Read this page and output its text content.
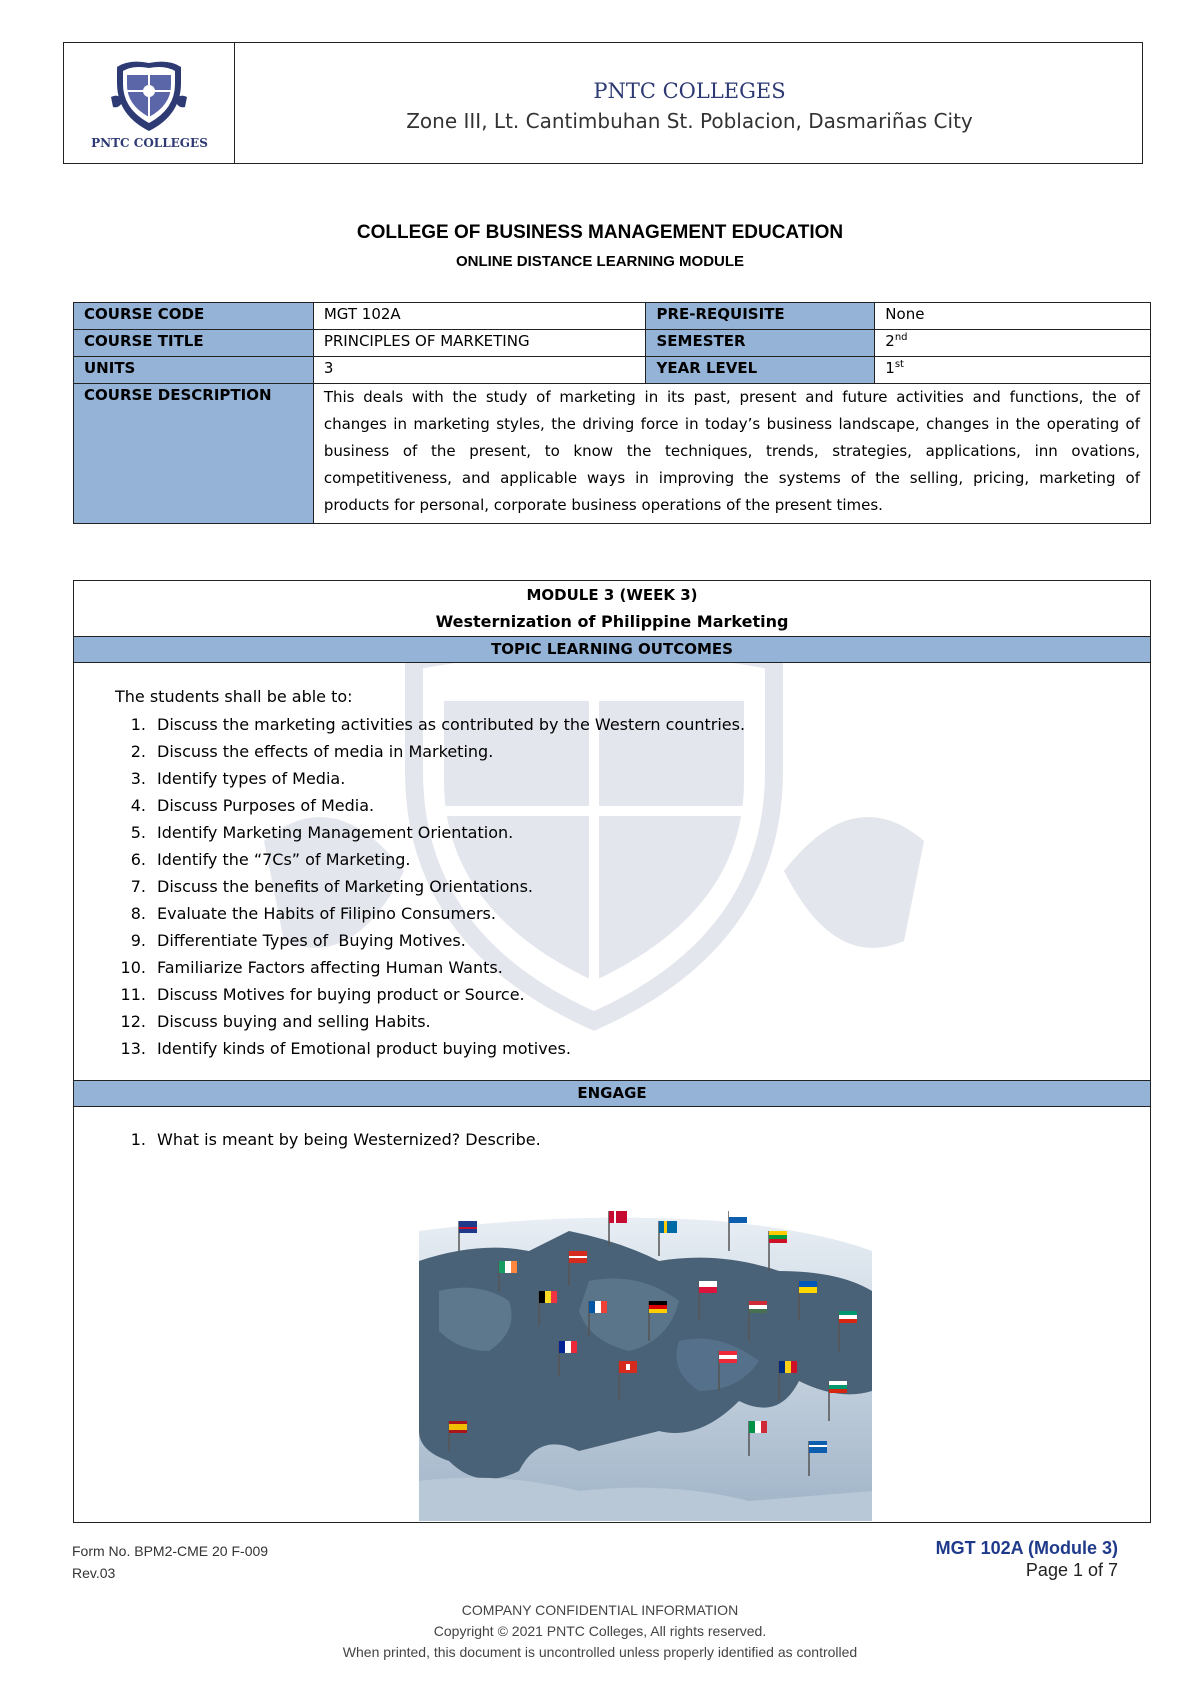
PNTC COLLEGES
PNTC COLLEGES
Zone III, Lt. Cantimbuhan St. Poblacion, Dasmariñas City
COLLEGE OF BUSINESS MANAGEMENT EDUCATION
ONLINE DISTANCE LEARNING MODULE
COURSE CODE	MGT 102A	PRE-REQUISITE	None
COURSE TITLE	PRINCIPLES OF MARKETING	SEMESTER	2nd
UNITS	3	YEAR LEVEL	1st
COURSE DESCRIPTION	This deals with the study of marketing in its past, present and future activities and functions, the of changes in marketing styles, the driving force in today’s business landscape, changes in the operating of business of the present, to know the techniques, trends, strategies, applications, inn ovations, competitiveness, and applicable ways in improving the systems of the selling, pricing, marketing of products for personal, corporate business operations of the present times.		
MODULE 3 (WEEK 3)
Westernization of Philippine Marketing
TOPIC LEARNING OUTCOMES
The students shall be able to:
1. Discuss the marketing activities as contributed by the Western countries.
2. Discuss the effects of media in Marketing.
3. Identify types of Media.
4. Discuss Purposes of Media.
5. Identify Marketing Management Orientation.
6. Identify the “7Cs” of Marketing.
7. Discuss the benefits of Marketing Orientations.
8. Evaluate the Habits of Filipino Consumers.
9. Differentiate Types of  Buying Motives.
10. Familiarize Factors affecting Human Wants.
11. Discuss Motives for buying product or Source.
12. Discuss buying and selling Habits.
13. Identify kinds of Emotional product buying motives.
ENGAGE
1. What is meant by being Westernized? Describe.
Form No. BPM2-CME 20 F-009
Rev.03
MGT 102A (Module 3)
Page 1 of 7
COMPANY CONFIDENTIAL INFORMATION
Copyright © 2021 PNTC Colleges, All rights reserved.
When printed, this document is uncontrolled unless properly identified as controlled
